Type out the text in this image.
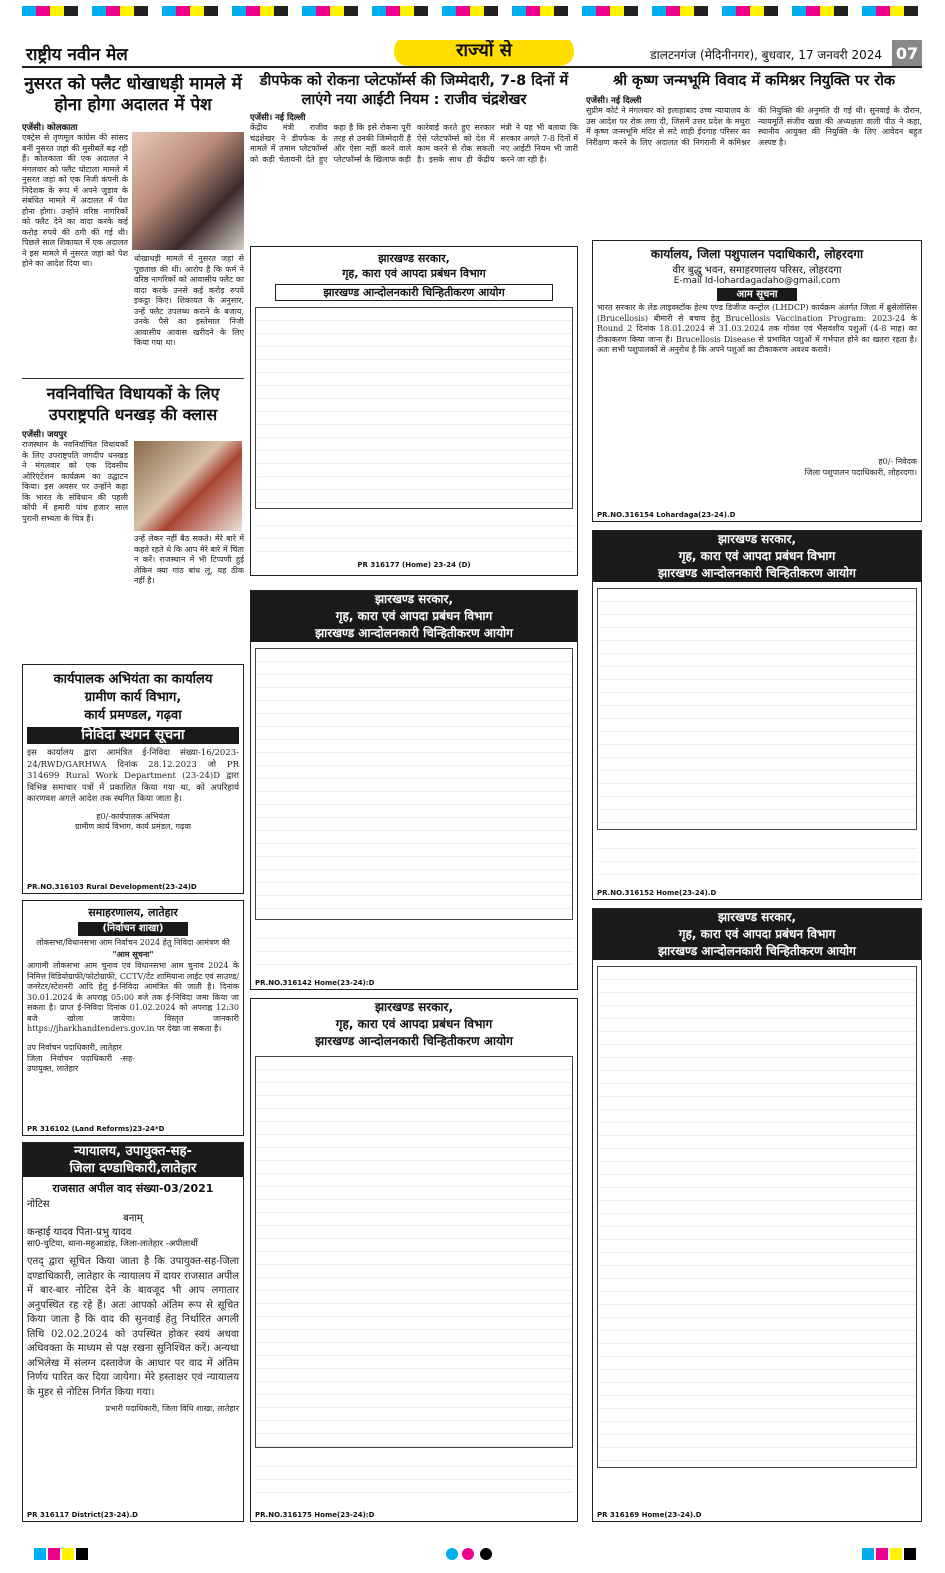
राष्ट्रीय नवीन मेल	राज्यों से	डालटनगंज (मेदिनीनगर), बुधवार, 17 जनवरी 2024 07
नुसरत को फ्लैट धोखाधड़ी मामले में होना होगा अदालत में पेश
एजेंसी। कोलकाता
एक्ट्रेस से तृणमूल कांग्रेस की सांसद बनीं नुसरत जहां की मुसीबतें बढ़ रही हैं। कोलकाता की एक अदालत ने मंगलवार को फ्लैट घोटाला मामले में नुसरत जहां को एक निजी कंपनी के निदेशक के रूप में अपने जुड़ाव के संबंधित मामले में अदालत में पेश होना होगा। उन्होंने वरिष्ठ नागरिकों को फ्लैट देने का वादा करके कई करोड़ रुपये की ठगी की गई थी। पिछले साल शिकायत में एक अदालत ने इस मामले में नुसरत जहां को पेश होने का आदेश दिया था।
धोखाधड़ी मामले में नुसरत जहां से पूछताछ की थी। आरोप है कि फर्म ने वरिष्ठ नागरिकों को आवासीय फ्लैट का वादा करके उनसे कई करोड़ रुपये इकट्ठा किए। शिकायत के अनुसार, उन्हें फ्लैट उपलब्ध कराने के बजाय, उनके पैसे का इस्तेमाल निजी आवासीय आवास खरीदने के लिए किया गया था।
नवनिर्वाचित विधायकों के लिए उपराष्ट्रपति धनखड़ की क्लास
एजेंसी। जयपुर
राजस्थान के नवनिर्वाचित विधायकों के लिए उपराष्ट्रपति जगदीप धनखड़ ने मंगलवार को एक दिवसीय ओरिएंटेशन कार्यक्रम का उद्घाटन किया। इस अवसर पर उन्होंने कहा कि भारत के संविधान की पहली कॉपी में हमारी पांच हजार साल पुरानी सभ्यता के चित्र हैं।
उन्हें लेकर नहीं बैठ सकते। मेरे बारे में कहते रहते थे कि आप मेरे बारे में चिंता न करें। राजस्थान में भी टिप्पणी हुई लेकिन क्या गांठ बांध लूं, यह ठीक नहीं है।
कार्यपालक अभियंता का कार्यालय
ग्रामीण कार्य विभाग,
कार्य प्रमण्डल, गढ़वा
निविदा स्थगन सूचना
इस कार्यालय द्वारा आमंत्रित ई-निविदा संख्या-16/2023-24/RWD/GARHWA दिनांक 28.12.2023 जो PR 314699 Rural Work Department (23-24)D द्वारा विभिन्न समाचार पत्रों में प्रकाशित किया गया था, को अपरिहार्य कारणवश अगले आदेश तक स्थगित किया जाता है।
ह0/-कार्यपालक अभियंता
ग्रामीण कार्य विभाग, कार्य प्रमंडल, गढ़वा
PR.NO.316103 Rural Development(23-24)D
समाहरणालय, लातेहार
(निर्वाचन शाखा)
लोकसभा/विधानसभा आम निर्वाचन 2024 हेतु निविदा आमंत्रण की
"आम सूचना"
आगामी लोकसभा आम चुनाव एवं विधानसभा आम चुनाव 2024 के निमित्त विडियोग्राफी/फोटोग्राफी, CCTV/टेंट शामियाना लाईट एवं साउण्ड/जनरेटर/स्टेशनरी आदि हेतु ई-निविदा आमंत्रित की जाती है। दिनांक 30.01.2024 के अपराह्न 05:00 बजे तक ई-निविदा जमा किया जा सकता है। प्राप्त ई-निविदा दिनांक 01.02.2024 को अपराह्न 12:30 बजे खोला जायेगा। विस्तृत जानकारी https://jharkhandtenders.gov.in पर देखा जा सकता है।
उप निर्वाचन पदाधिकारी, लातेहार जिला निर्वाचन पदाधिकारी -सह-उपायुक्त, लातेहार
PR 316102 (Land Reforms)23-24*D
न्यायालय, उपायुक्त-सह-
जिला दण्डाधिकारी,लातेहार
राजसात अपील वाद संख्या-03/2021
नोटिस
बनाम्
कन्हाई यादव पिता-प्रभु यादव
सा0-चुटिया, थाना-महुआडांड़, जिला-लातेहार -अपीलार्थी
एतद् द्वारा सूचित किया जाता है कि उपायुक्त-सह-जिला दण्डाधिकारी, लातेहार के न्यायालय में दायर राजसात अपील में बार-बार नोटिस देने के बावजूद भी आप लगातार अनुपस्थित रह रहे हैं। अतः आपको अंतिम रूप से सूचित किया जाता है कि वाद की सुनवाई हेतु निर्धारित अगली तिथि 02.02.2024 को उपस्थित होकर स्वयं अथवा अधिवक्ता के माध्यम से पक्ष रखना सुनिश्चित करें। अन्यथा अभिलेख में संलग्न दस्तावेज के आधार पर वाद में अंतिम निर्णय पारित कर दिया जायेगा। मेरे हस्ताक्षर एवं न्यायालय के मुहर से नोटिस निर्गत किया गया।
प्रभारी पदाधिकारी, जिला विधि शाखा, लातेहार
PR 316117 District(23-24).D
डीपफेक को रोकना प्लेटफॉर्म्स की जिम्मेदारी, 7-8 दिनों में लाएंगे नया आईटी नियम : राजीव चंद्रशेखर
एजेंसी। नई दिल्ली
केंद्रीय मंत्री राजीव चंद्रशेखर ने डीपफेक के मामले में तमाम प्लेटफॉर्म्स को कड़ी चेतावनी देते हुए कहा है कि इसे रोकना पूरी तरह से उनकी जिम्मेदारी है और ऐसा नहीं करने वाले प्लेटफॉर्म्स के खिलाफ कड़ी कार्रवाई करते हुए सरकार ऐसे प्लेटफॉर्म्स को देश में काम करने से रोक सकती है। इसके साथ ही केंद्रीय मंत्री ने यह भी बताया कि सरकार अगले 7-8 दिनों में नए आईटी नियम भी जारी करने जा रही है।
झारखण्ड सरकार,
गृह, कारा एवं आपदा प्रबंधन विभाग
झारखण्ड आन्दोलनकारी चिन्हितीकरण आयोग
PR 316177 (Home) 23-24 (D)
झारखण्ड सरकार,
गृह, कारा एवं आपदा प्रबंधन विभाग
झारखण्ड आन्दोलनकारी चिन्हितीकरण आयोग
PR.NO.316142 Home(23-24):D
झारखण्ड सरकार,
गृह, कारा एवं आपदा प्रबंधन विभाग
झारखण्ड आन्दोलनकारी चिन्हितीकरण आयोग
PR.NO.316175 Home(23-24):D
श्री कृष्ण जन्मभूमि विवाद में कमिश्नर नियुक्ति पर रोक
एजेंसी। नई दिल्ली
सुप्रीम कोर्ट ने मंगलवार को इलाहाबाद उच्च न्यायालय के उस आदेश पर रोक लगा दी, जिसमें उत्तर प्रदेश के मथुरा में कृष्ण जन्मभूमि मंदिर से सटे शाही ईदगाह परिसर का निरीक्षण करने के लिए अदालत की निगरानी में कमिश्नर की नियुक्ति की अनुमति दी गई थी। सुनवाई के दौरान, न्यायमूर्ति संजीव खन्ना की अध्यक्षता वाली पीठ ने कहा, स्थानीय आयुक्त की नियुक्ति के लिए आवेदन बहुत अस्पष्ट है।
कार्यालय, जिला पशुपालन पदाधिकारी, लोहरदगा
वीर बुद्धु भवन, समाहरणालय परिसर, लोहरदगा
E-mail Id-lohardagadaho@gmail.com
आम सूचना
भारत सरकार के लेड लाइवस्टॉक हेल्थ एण्ड डिजीज कन्ट्रोल (LHDCP) कार्यक्रम अंतर्गत जिला में ब्रुसेलोसिस (Brucellosis) बीमारी से बचाव हेतु Brucellosis Vaccination Program: 2023-24 के Round 2 दिनांक 18.01.2024 से 31.03.2024 तक गोवंश एवं भैंसवंशीय पशुओं (4-8 माह) का टीकाकरण किया जाना है। Brucellosis Disease से प्रभावित पशुओं में गर्भपात होने का खतरा रहता है। अतः सभी पशुपालकों से अनुरोध है कि अपने पशुओं का टीकाकरण अवश्य करावें।
ह0/- निवेदक
जिला पशुपालन पदाधिकारी, लोहरदगा।
PR.NO.316154 Lohardaga(23-24).D
झारखण्ड सरकार,
गृह, कारा एवं आपदा प्रबंधन विभाग
झारखण्ड आन्दोलनकारी चिन्हितीकरण आयोग
PR.NO.316152 Home(23-24).D
झारखण्ड सरकार,
गृह, कारा एवं आपदा प्रबंधन विभाग
झारखण्ड आन्दोलनकारी चिन्हितीकरण आयोग
PR 316169 Home(23-24).D
